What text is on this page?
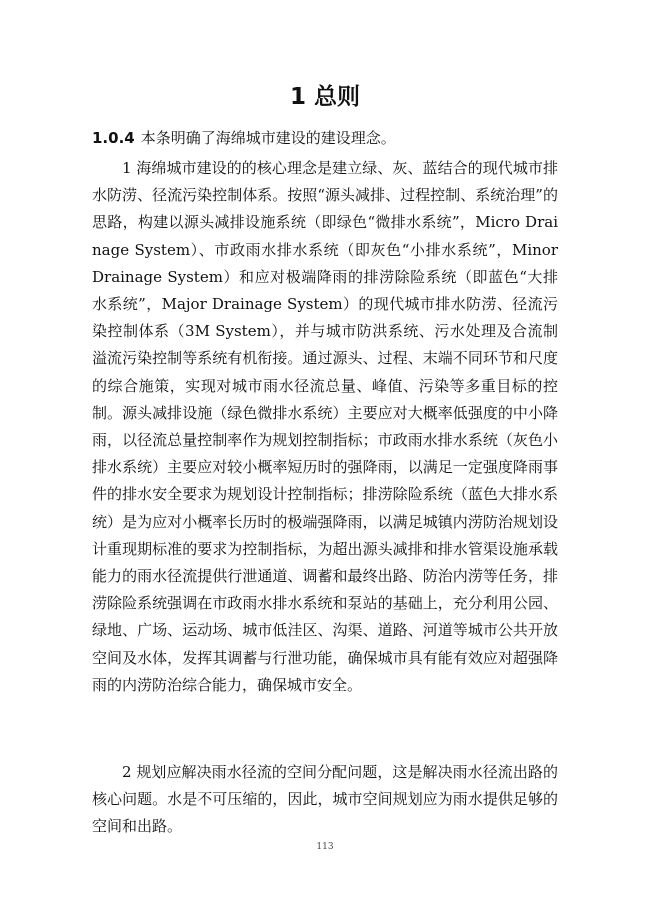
1 总则

1.0.4 本条明确了海绵城市建设的建设理念。

1 海绵城市建设的的核心理念是建立绿、灰、蓝结合的现代城市排水防涝、径流污染控制体系。按照“源头减排、过程控制、系统治理”的思路，构建以源头减排设施系统（即绿色“微排水系统”，Micro Drainage System）、市政雨水排水系统（即灰色“小排水系统”，Minor Drainage System）和应对极端降雨的排涝除险系统（即蓝色“大排水系统”，Major Drainage System）的现代城市排水防涝、径流污染控制体系（3M System），并与城市防洪系统、污水处理及合流制溢流污染控制等系统有机衔接。通过源头、过程、末端不同环节和尺度的综合施策，实现对城市雨水径流总量、峰值、污染等多重目标的控制。源头减排设施（绿色微排水系统）主要应对大概率低强度的中小降雨，以径流总量控制率作为规划控制指标；市政雨水排水系统（灰色小排水系统）主要应对较小概率短历时的强降雨，以满足一定强度降雨事件的排水安全要求为规划设计控制指标；排涝除险系统（蓝色大排水系统）是为应对小概率长历时的极端强降雨，以满足城镇内涝防治规划设计重现期标准的要求为控制指标，为超出源头减排和排水管渠设施承载能力的雨水径流提供行泄通道、调蓄和最终出路、防治内涝等任务，排涝除险系统强调在市政雨水排水系统和泵站的基础上，充分利用公园、绿地、广场、运动场、城市低洼区、沟渠、道路、河道等城市公共开放空间及水体，发挥其调蓄与行泄功能，确保城市具有能有效应对超强降雨的内涝防治综合能力，确保城市安全。

2 规划应解决雨水径流的空间分配问题，这是解决雨水径流出路的核心问题。水是不可压缩的，因此，城市空间规划应为雨水提供足够的空间和出路。

113
